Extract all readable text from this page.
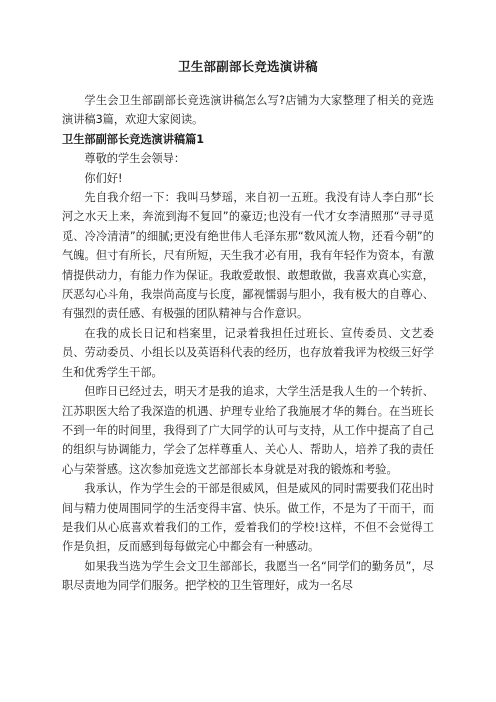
卫生部副部长竞选演讲稿

学生会卫生部副部长竞选演讲稿怎么写?店铺为大家整理了相关的竞选演讲稿3篇，欢迎大家阅读。

卫生部副部长竞选演讲稿篇1

尊敬的学生会领导：

你们好!

先自我介绍一下：我叫马梦瑶，来自初一五班。我没有诗人李白那“长河之水天上来，奔流到海不复回”的豪迈;也没有一代才女李清照那“寻寻觅觅、冷冷清清”的细腻;更没有绝世伟人毛泽东那“数风流人物，还看今朝”的气魄。但寸有所长，尺有所短，天生我才必有用，我有年轻作为资本，有激情提供动力，有能力作为保证。我敢爱敢恨、敢想敢做，我喜欢真心实意，厌恶勾心斗角，我崇尚高度与长度，鄙视懦弱与胆小，我有极大的自尊心、有强烈的责任感、有极强的团队精神与合作意识。

在我的成长日记和档案里，记录着我担任过班长、宣传委员、文艺委员、劳动委员、小组长以及英语科代表的经历，也存放着我评为校级三好学生和优秀学生干部。

但昨日已经过去，明天才是我的追求，大学生活是我人生的一个转折、江苏职医大给了我深造的机遇、护理专业给了我施展才华的舞台。在当班长不到一年的时间里，我得到了广大同学的认可与支持，从工作中提高了自己的组织与协调能力，学会了怎样尊重人、关心人、帮助人，培养了我的责任心与荣誉感。这次参加竞选文艺部部长本身就是对我的锻炼和考验。

我承认，作为学生会的干部是很威风，但是威风的同时需要我们花出时间与精力使周围同学的生活变得丰富、快乐。做工作，不是为了干而干，而是我们从心底喜欢着我们的工作，爱着我们的学校!这样，不但不会觉得工作是负担，反而感到每每做完心中都会有一种感动。

如果我当选为学生会文卫生部部长，我愿当一名“同学们的勤务员”，尽职尽责地为同学们服务。把学校的卫生管理好，成为一名尽
